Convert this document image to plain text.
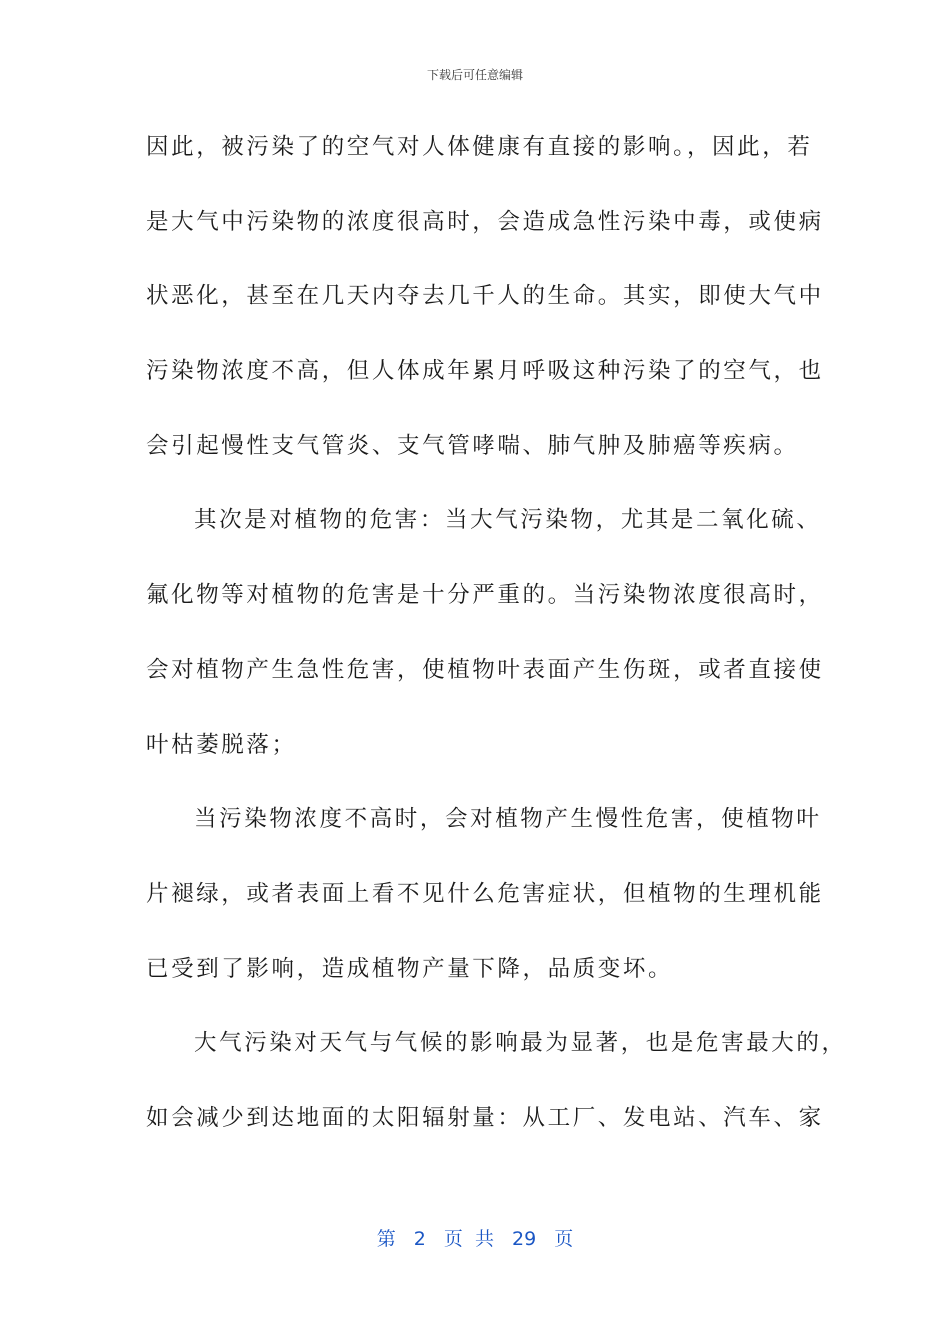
下载后可任意编辑
因此，被污染了的空气对人体健康有直接的影响。，因此，若
是大气中污染物的浓度很高时，会造成急性污染中毒，或使病
状恶化，甚至在几天内夺去几千人的生命。其实，即使大气中
污染物浓度不高，但人体成年累月呼吸这种污染了的空气，也
会引起慢性支气管炎、支气管哮喘、肺气肿及肺癌等疾病。
其次是对植物的危害：当大气污染物，尤其是二氧化硫、
氟化物等对植物的危害是十分严重的。当污染物浓度很高时，
会对植物产生急性危害，使植物叶表面产生伤斑，或者直接使
叶枯萎脱落；
当污染物浓度不高时，会对植物产生慢性危害，使植物叶
片褪绿，或者表面上看不见什么危害症状，但植物的生理机能
已受到了影响，造成植物产量下降，品质变坏。
大气污染对天气与气候的影响最为显著，也是危害最大的，
如会减少到达地面的太阳辐射量：从工厂、发电站、汽车、家
第 2 页 共 29 页
